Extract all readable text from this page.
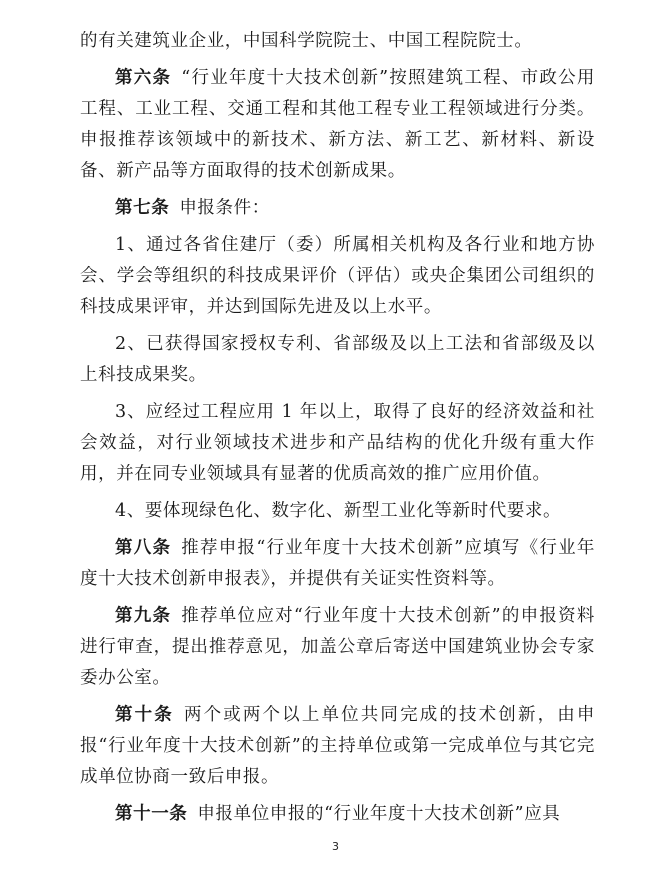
的有关建筑业企业，中国科学院院士、中国工程院院士。

第六条 “行业年度十大技术创新”按照建筑工程、市政公用工程、工业工程、交通工程和其他工程专业工程领域进行分类。申报推荐该领域中的新技术、新方法、新工艺、新材料、新设备、新产品等方面取得的技术创新成果。

第七条 申报条件：

1、通过各省住建厅（委）所属相关机构及各行业和地方协会、学会等组织的科技成果评价（评估）或央企集团公司组织的科技成果评审，并达到国际先进及以上水平。

2、已获得国家授权专利、省部级及以上工法和省部级及以上科技成果奖。

3、应经过工程应用 1 年以上，取得了良好的经济效益和社会效益，对行业领域技术进步和产品结构的优化升级有重大作用，并在同专业领域具有显著的优质高效的推广应用价值。

4、要体现绿色化、数字化、新型工业化等新时代要求。

第八条 推荐申报“行业年度十大技术创新”应填写《行业年度十大技术创新申报表》，并提供有关证实性资料等。

第九条 推荐单位应对“行业年度十大技术创新”的申报资料进行审查，提出推荐意见，加盖公章后寄送中国建筑业协会专家委办公室。

第十条 两个或两个以上单位共同完成的技术创新，由申报“行业年度十大技术创新”的主持单位或第一完成单位与其它完成单位协商一致后申报。

第十一条 申报单位申报的“行业年度十大技术创新”应具

3
